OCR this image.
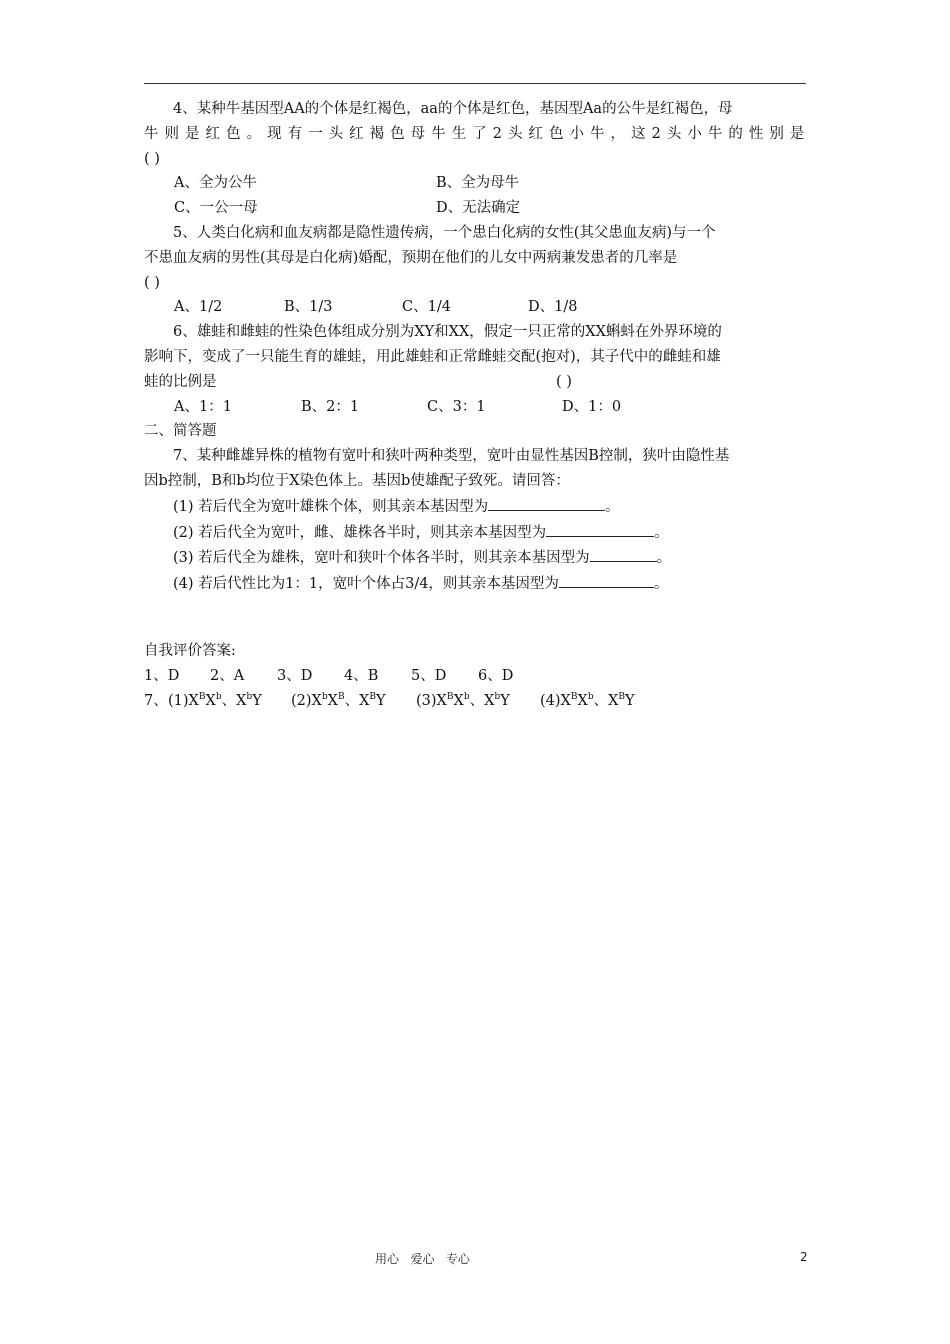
4、某种牛基因型AA的个体是红褐色，aa的个体是红色，基因型Aa的公牛是红褐色，母

牛则是红色。现有一头红褐色母牛生了2头红色小牛，这2头小牛的性别是

( )

A、全为公牛	B、全为母牛
C、一公一母	D、无法确定

5、人类白化病和血友病都是隐性遗传病，一个患白化病的女性(其父患血友病)与一个

不患血友病的男性(其母是白化病)婚配，预期在他们的儿女中两病兼发患者的几率是

( )

A、1/2	B、1/3	C、1/4	D、1/8

6、雄蛙和雌蛙的性染色体组成分别为XY和XX，假定一只正常的XX蝌蚪在外界环境的

影响下，变成了一只能生育的雄蛙，用此雄蛙和正常雌蛙交配(抱对)，其子代中的雌蛙和雄

蛙的比例是	( )
A、1：1	B、2：1	C、3：1	D、1：0

二、简答题

7、某种雌雄异株的植物有宽叶和狭叶两种类型，宽叶由显性基因B控制，狭叶由隐性基

因b控制，B和b均位于X染色体上。基因b使雄配子致死。请回答：

(1) 若后代全为宽叶雄株个体，则其亲本基因型为	。

(2) 若后代全为宽叶，雌、雄株各半时，则其亲本基因型为	。

(3) 若后代全为雄株，宽叶和狭叶个体各半时，则其亲本基因型为	。

(4) 若后代性比为1：1，宽叶个体占3/4，则其亲本基因型为	。

自我评价答案:

1、D 2、A 3、D 4、B 5、D 6、D
7、 $(1)X^BX^b$、$X^bY$ $(2)X^bX^B$、$X^BY$ $(3)X^BX^b$、$X^bY$ $(4)X^BX^b$、$X^BY$
用心   爱心   专心	2
